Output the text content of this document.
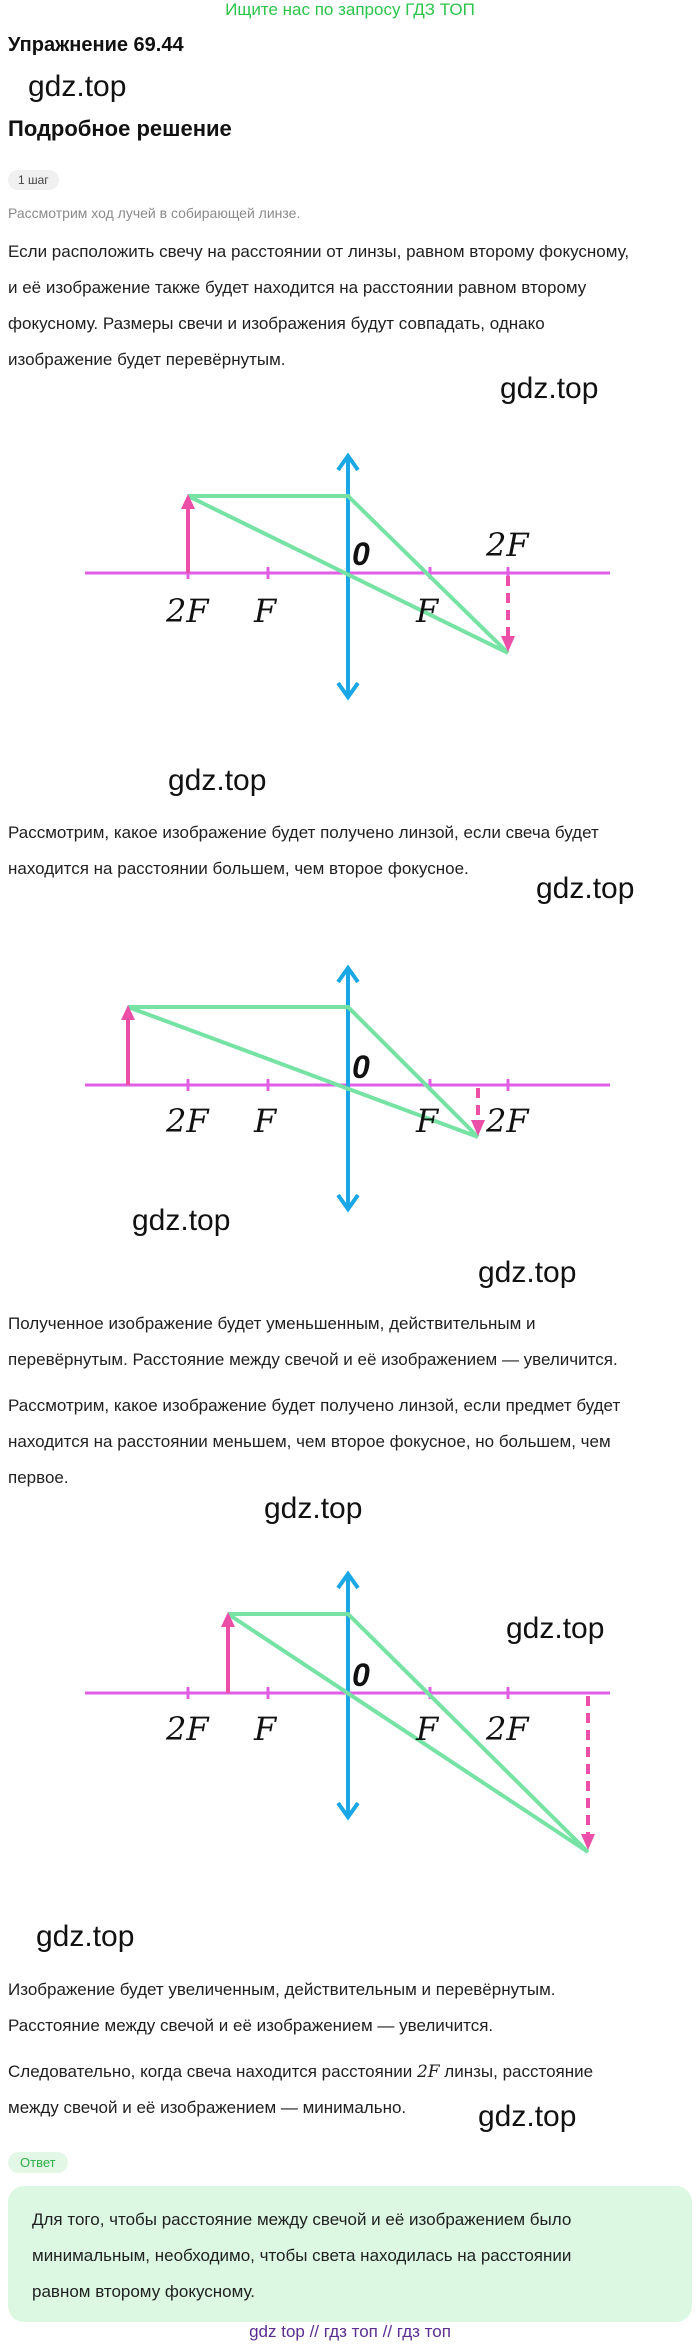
Ищите нас по запросу ГДЗ ТОП
Упражнение 69.44
gdz.top
Подробное решение
1 шаг
Рассмотрим ход лучей в собирающей линзе.
Если расположить свечу на расстоянии от линзы, равном второму фокусному,
и её изображение также будет находится на расстоянии равном второму
фокусному. Размеры свечи и изображения будут совпадать, однако
изображение будет перевёрнутым.
gdz.top
0
2F F	F
2F
gdz.top
Рассмотрим, какое изображение будет получено линзой, если свеча будет
находится на расстоянии большем, чем второе фокусное.
gdz.top
0
2F F	F 2F
gdz.top
gdz.top
Полученное изображение будет уменьшенным, действительным и
перевёрнутым. Расстояние между свечой и её изображением — увеличится.
Рассмотрим, какое изображение будет получено линзой, если предмет будет
находится на расстоянии меньшем, чем второе фокусное, но большем, чем
первое.
gdz.top
0
2F F	F 2F
gdz.top
gdz.top
Изображение будет увеличенным, действительным и перевёрнутым.
Расстояние между свечой и её изображением — увеличится.
Следовательно, когда свеча находится расстоянии 2F линзы, расстояние
между свечой и её изображением — минимально.	gdz.top
Ответ
Для того, чтобы расстояние между свечой и её изображением было
минимальным, необходимо, чтобы света находилась на расстоянии
равном второму фокусному.
gdz top // гдз топ // гдз топ
